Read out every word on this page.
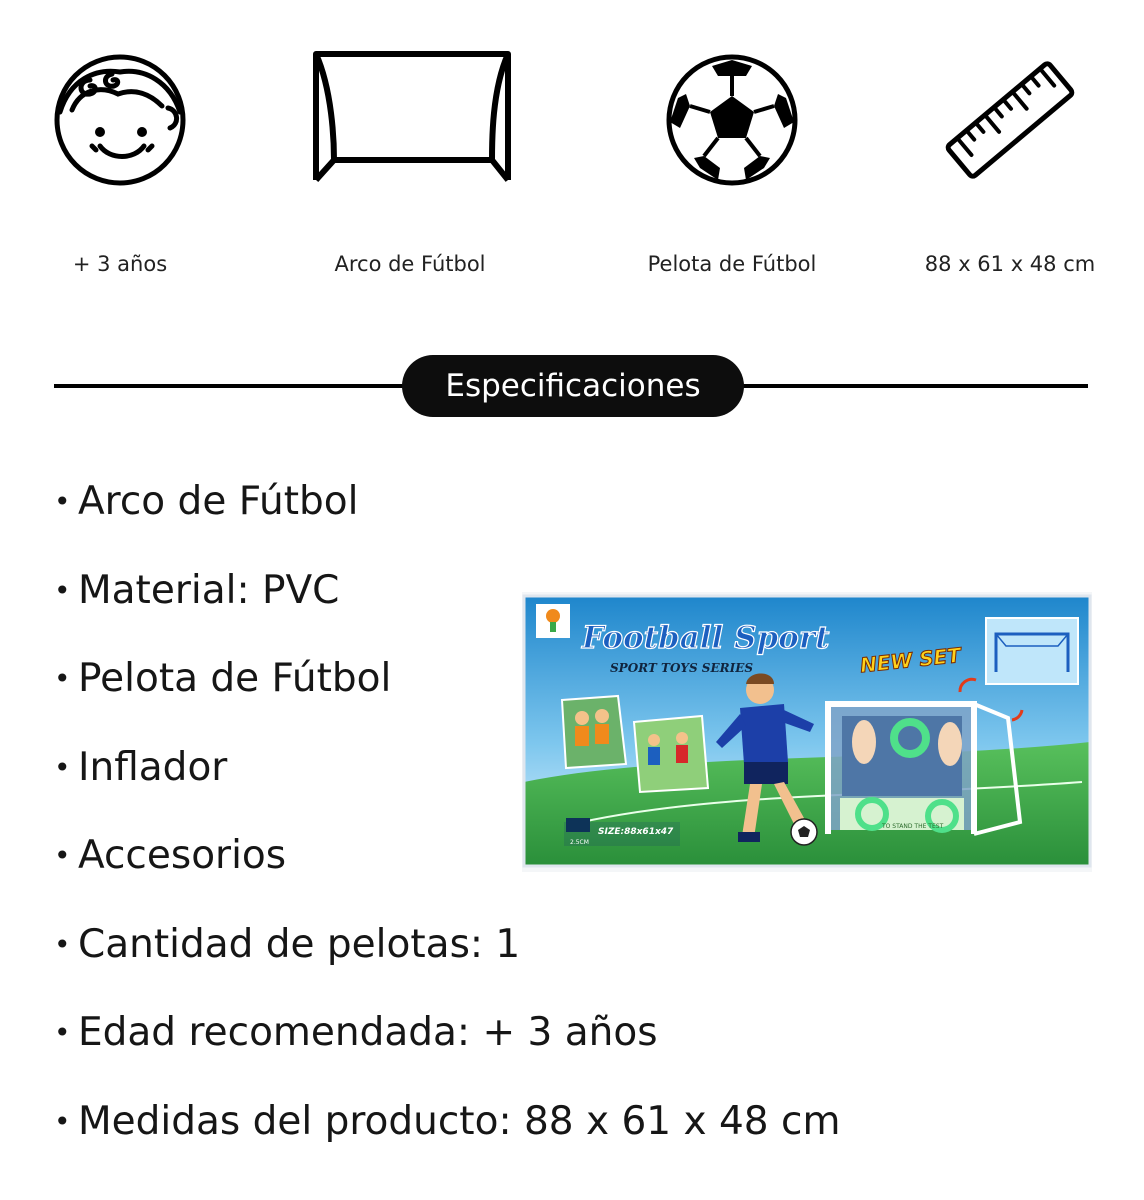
+ 3 años	Arco de Fútbol	Pelota de Fútbol	88 x 61 x 48 cm
Especificaciones
• Arco de Fútbol
• Material: PVC
• Pelota de Fútbol
• Inflador
• Accesorios
• Cantidad de pelotas: 1
• Edad recomendada: + 3 años
• Medidas del producto: 88 x 61 x 48 cm
Football Sport
SPORT TOYS SERIES	NEW SET
TO STAND THE TEST
SIZE:88x61x47
2.5CM
